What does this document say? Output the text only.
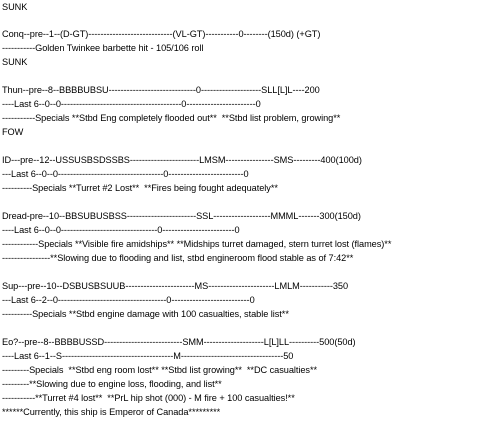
SUNK
Conq--pre--1--(D-GT)----------------------------(VL-GT)-----------0--------(150d) (+GT)
-----------Golden Twinkee barbette hit - 105/106 roll
SUNK
Thun--pre--8--BBBBUBSU-----------------------------0--------------------SLL[L]L----200
----Last 6--0--0----------------------------------------0-----------------------0
-----------Specials **Stbd Eng completely flooded out**  **Stbd list problem, growing**
FOW
ID---pre--12--USSUSBSDSSBS-----------------------LMSM----------------SMS---------400(100d)
---Last 6--0--0-----------------------------------0-------------------------0
----------Specials **Turret #2 Lost**  **Fires being fought adequately**
Dread-pre--10--BBSUBUSBSS-----------------------SSL-------------------MMML-------300(150d)
----Last 6--0--0--------------------------------0------------------------0
------------Specials **Visible fire amidships** **Midships turret damaged, stern turret lost (flames)**
----------------**Slowing due to flooding and list, stbd engineroom flood stable as of 7:42**
Sup---pre--10--DSBUSBSUUB-----------------------MS----------------------LMLM-----------350
---Last 6--2--0------------------------------------0--------------------------0
----------Specials **Stbd engine damage with 100 casualties, stable list**
Eo?--pre--8--BBBBUSSD--------------------------SMM--------------------L[L]LL----------500(50d)
----Last 6--1--S-------------------------------------M----------------------------------50
---------Specials  **Stbd eng room lost** **Stbd list growing**  **DC casualties**
---------**Slowing due to engine loss, flooding, and list**
-----------**Turret #4 lost**  **PrL hip shot (000) - M fire + 100 casualties!**
******Currently, this ship is Emperor of Canada*********
